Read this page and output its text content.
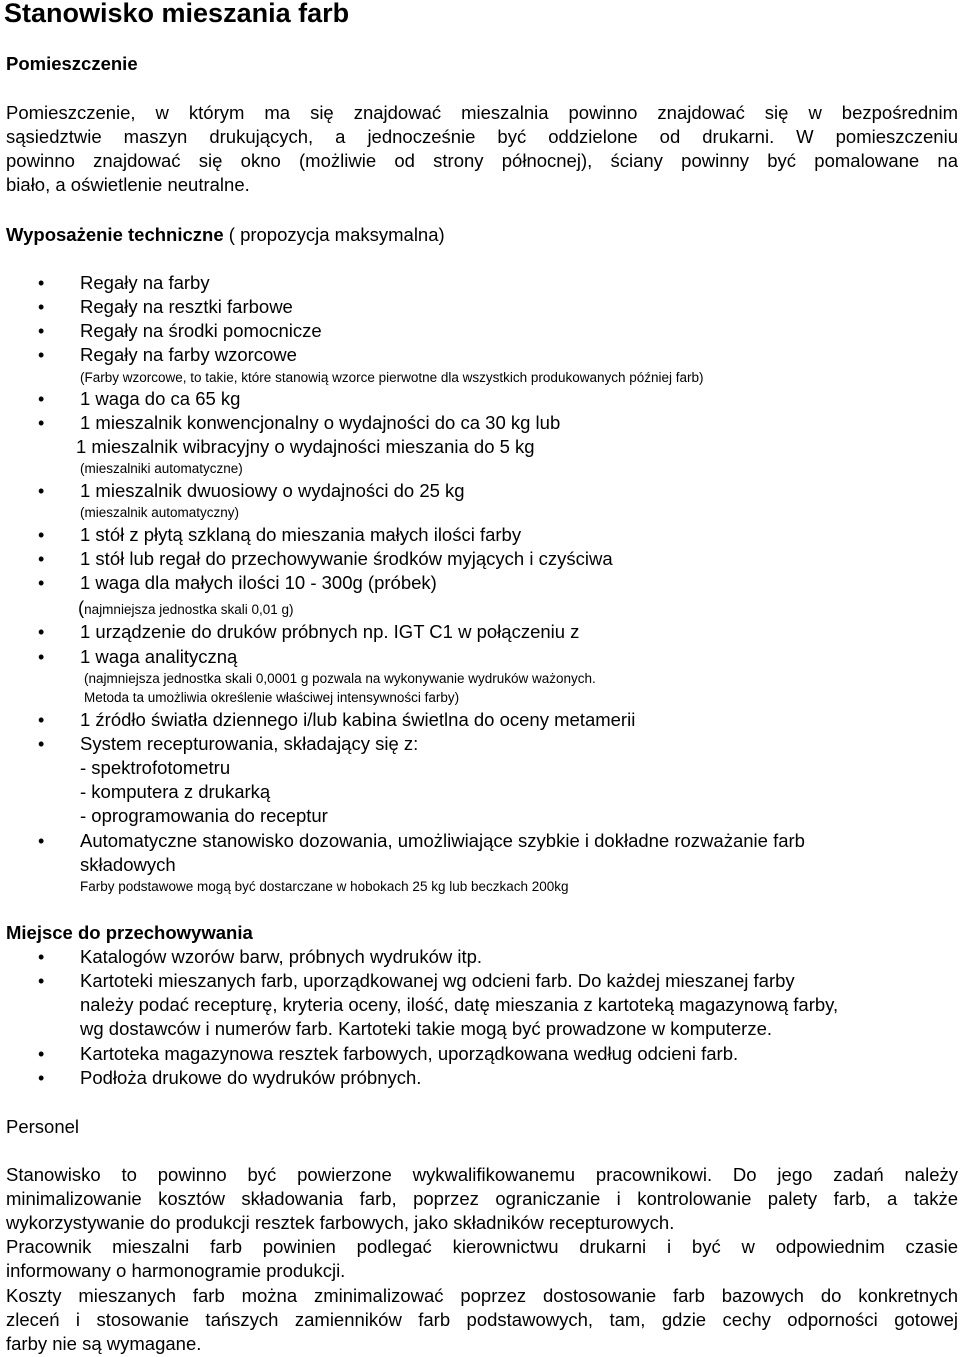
Stanowisko mieszania farb
Pomieszczenie
Pomieszczenie, w którym ma się znajdować mieszalnia powinno znajdować się w bezpośrednim
sąsiedztwie maszyn drukujących, a jednocześnie być oddzielone od drukarni. W pomieszczeniu
powinno znajdować się okno (możliwie od strony północnej), ściany powinny być pomalowane na
biało, a oświetlenie neutralne.
Wyposażenie techniczne ( propozycja maksymalna)
• Regały na farby
• Regały na resztki farbowe
• Regały na środki pomocnicze
• Regały na farby wzorcowe
(Farby wzorcowe, to takie, które stanowią wzorce pierwotne dla wszystkich produkowanych później farb)
• 1 waga do ca 65 kg
• 1 mieszalnik konwencjonalny o wydajności do ca 30 kg lub
1 mieszalnik wibracyjny o wydajności mieszania do 5 kg
(mieszalniki automatyczne)
• 1 mieszalnik dwuosiowy o wydajności do 25 kg
(mieszalnik automatyczny)
• 1 stół z płytą szklaną do mieszania małych ilości farby
• 1 stół lub regał do przechowywanie środków myjących i czyściwa
• 1 waga dla małych ilości 10 - 300g (próbek)
(najmniejsza jednostka skali 0,01 g)
• 1 urządzenie do druków próbnych np. IGT C1 w połączeniu z
• 1 waga analityczną
(najmniejsza jednostka skali 0,0001 g pozwala na wykonywanie wydruków ważonych.
Metoda ta umożliwia określenie właściwej intensywności farby)
• 1 źródło światła dziennego i/lub kabina świetlna do oceny metamerii
• System recepturowania, składający się z:
- spektrofotometru
- komputera z drukarką
- oprogramowania do receptur
• Automatyczne stanowisko dozowania, umożliwiające szybkie i dokładne rozważanie farb
składowych
Farby podstawowe mogą być dostarczane w hobokach 25 kg lub beczkach 200kg
Miejsce do przechowywania
• Katalogów wzorów barw, próbnych wydruków itp.
• Kartoteki mieszanych farb, uporządkowanej wg odcieni farb. Do każdej mieszanej farby
należy podać recepturę, kryteria oceny, ilość, datę mieszania z kartoteką magazynową farby,
wg dostawców i numerów farb. Kartoteki takie mogą być prowadzone w komputerze.
• Kartoteka magazynowa resztek farbowych, uporządkowana według odcieni farb.
• Podłoża drukowe do wydruków próbnych.
Personel
Stanowisko to powinno być powierzone wykwalifikowanemu pracownikowi. Do jego zadań należy
minimalizowanie kosztów składowania farb, poprzez ograniczanie i kontrolowanie palety farb, a także
wykorzystywanie do produkcji resztek farbowych, jako składników recepturowych.
Pracownik mieszalni farb powinien podlegać kierownictwu drukarni i być w odpowiednim czasie
informowany o harmonogramie produkcji.
Koszty mieszanych farb można zminimalizować poprzez dostosowanie farb bazowych do konkretnych
zleceń i stosowanie tańszych zamienników farb podstawowych, tam, gdzie cechy odporności gotowej
farby nie są wymagane.
